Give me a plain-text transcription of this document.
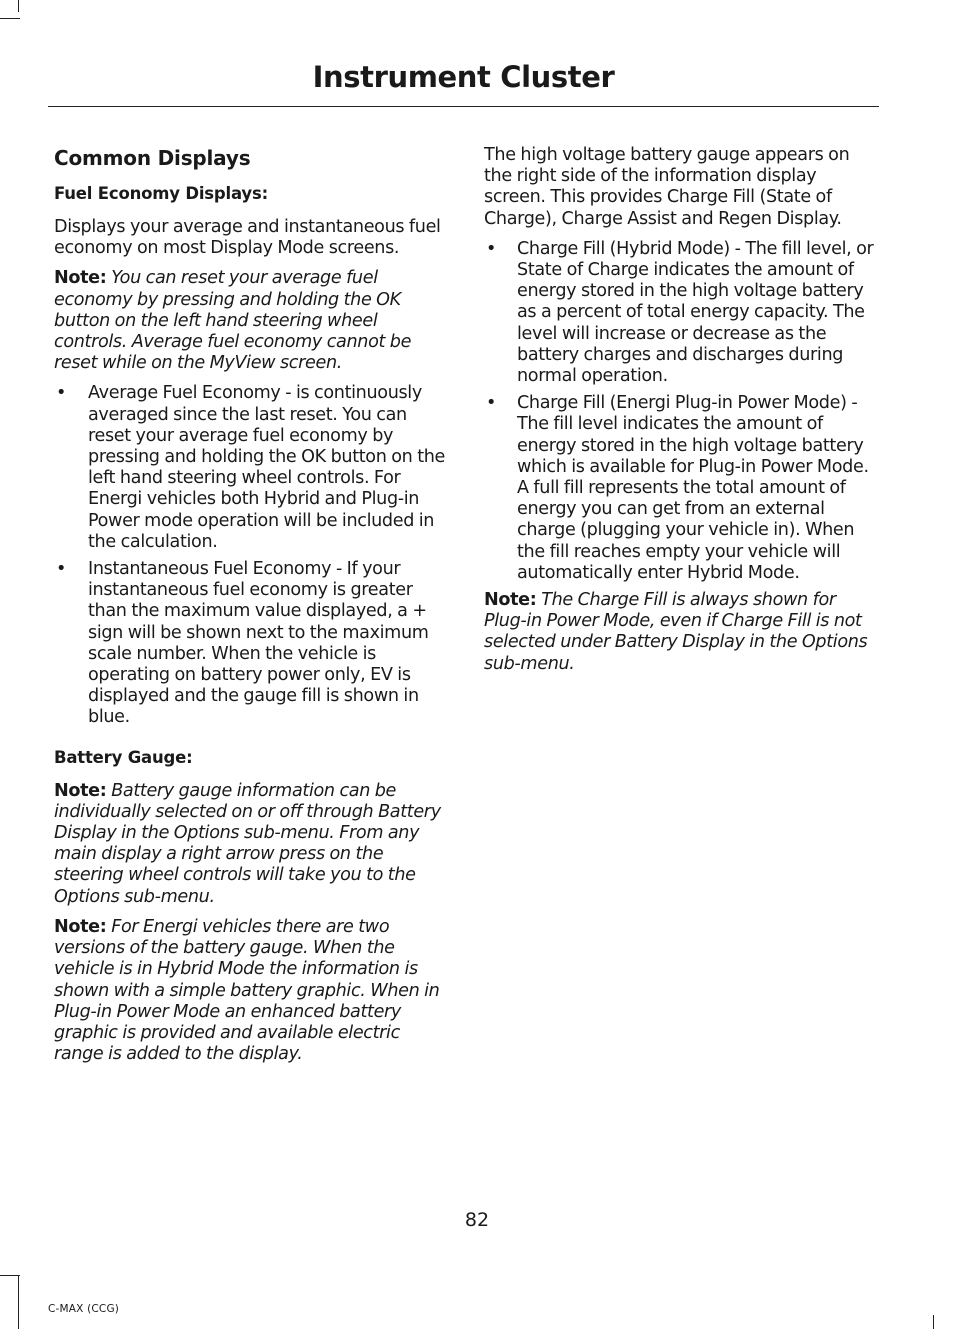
Instrument Cluster

Common Displays

Fuel Economy Displays:

Displays your average and instantaneous fuel economy on most Display Mode screens.

Note: You can reset your average fuel economy by pressing and holding the OK button on the left hand steering wheel controls. Average fuel economy cannot be reset while on the MyView screen.

• Average Fuel Economy - is continuously averaged since the last reset. You can reset your average fuel economy by pressing and holding the OK button on the left hand steering wheel controls. For Energi vehicles both Hybrid and Plug-in Power mode operation will be included in the calculation.
• Instantaneous Fuel Economy - If your instantaneous fuel economy is greater than the maximum value displayed, a + sign will be shown next to the maximum scale number. When the vehicle is operating on battery power only, EV is displayed and the gauge fill is shown in blue.

Battery Gauge:

Note: Battery gauge information can be individually selected on or off through Battery Display in the Options sub-menu. From any main display a right arrow press on the steering wheel controls will take you to the Options sub-menu.

Note: For Energi vehicles there are two versions of the battery gauge. When the vehicle is in Hybrid Mode the information is shown with a simple battery graphic. When in Plug-in Power Mode an enhanced battery graphic is provided and available electric range is added to the display.

The high voltage battery gauge appears on the right side of the information display screen. This provides Charge Fill (State of Charge), Charge Assist and Regen Display.

• Charge Fill (Hybrid Mode) - The fill level, or State of Charge indicates the amount of energy stored in the high voltage battery as a percent of total energy capacity. The level will increase or decrease as the battery charges and discharges during normal operation.
• Charge Fill (Energi Plug-in Power Mode) - The fill level indicates the amount of energy stored in the high voltage battery which is available for Plug-in Power Mode. A full fill represents the total amount of energy you can get from an external charge (plugging your vehicle in). When the fill reaches empty your vehicle will automatically enter Hybrid Mode.

Note: The Charge Fill is always shown for Plug-in Power Mode, even if Charge Fill is not selected under Battery Display in the Options sub-menu.

82
C-MAX (CCG)
